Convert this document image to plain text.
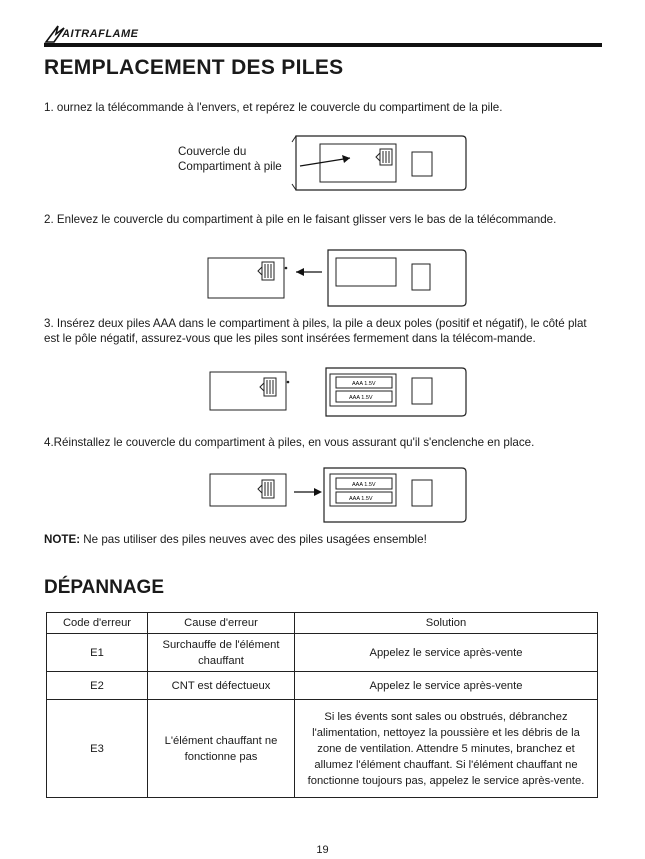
AITRAFLAME
REMPLACEMENT DES PILES
1. ournez la télécommande à l'envers, et repérez le couvercle du compartiment de la pile.
Couvercle du
Compartiment à pile
2. Enlevez le couvercle du compartiment à pile en le faisant glisser vers le bas de la télécommande.
3. Insérez deux piles AAA dans le compartiment à piles, la pile a deux poles (positif et négatif), le côté plat est le pôle négatif, assurez-vous que les piles sont insérées fermement dans la télécom-mande.
AAA 1.5V
AAA 1.5V
4.Réinstallez le couvercle du compartiment à piles, en vous assurant qu'il s'enclenche en place.
AAA 1.5V
AAA 1.5V
NOTE: Ne pas utiliser des piles neuves avec des piles usagées ensemble!
DÉPANNAGE
Code d'erreur	Cause d'erreur	Solution
E1	Surchauffe de l'élément chauffant	Appelez le service après-vente
E2	CNT est défectueux	Appelez le service après-vente
E3	L'élément chauffant ne fonctionne pas	Si les évents sont sales ou obstrués, débranchez l'alimentation, nettoyez la poussière et les débris de la zone de ventilation. Attendre 5 minutes, branchez et allumez l'élément chauffant. Si l'élément chauffant ne fonctionne toujours pas, appelez le service après-vente.
19
